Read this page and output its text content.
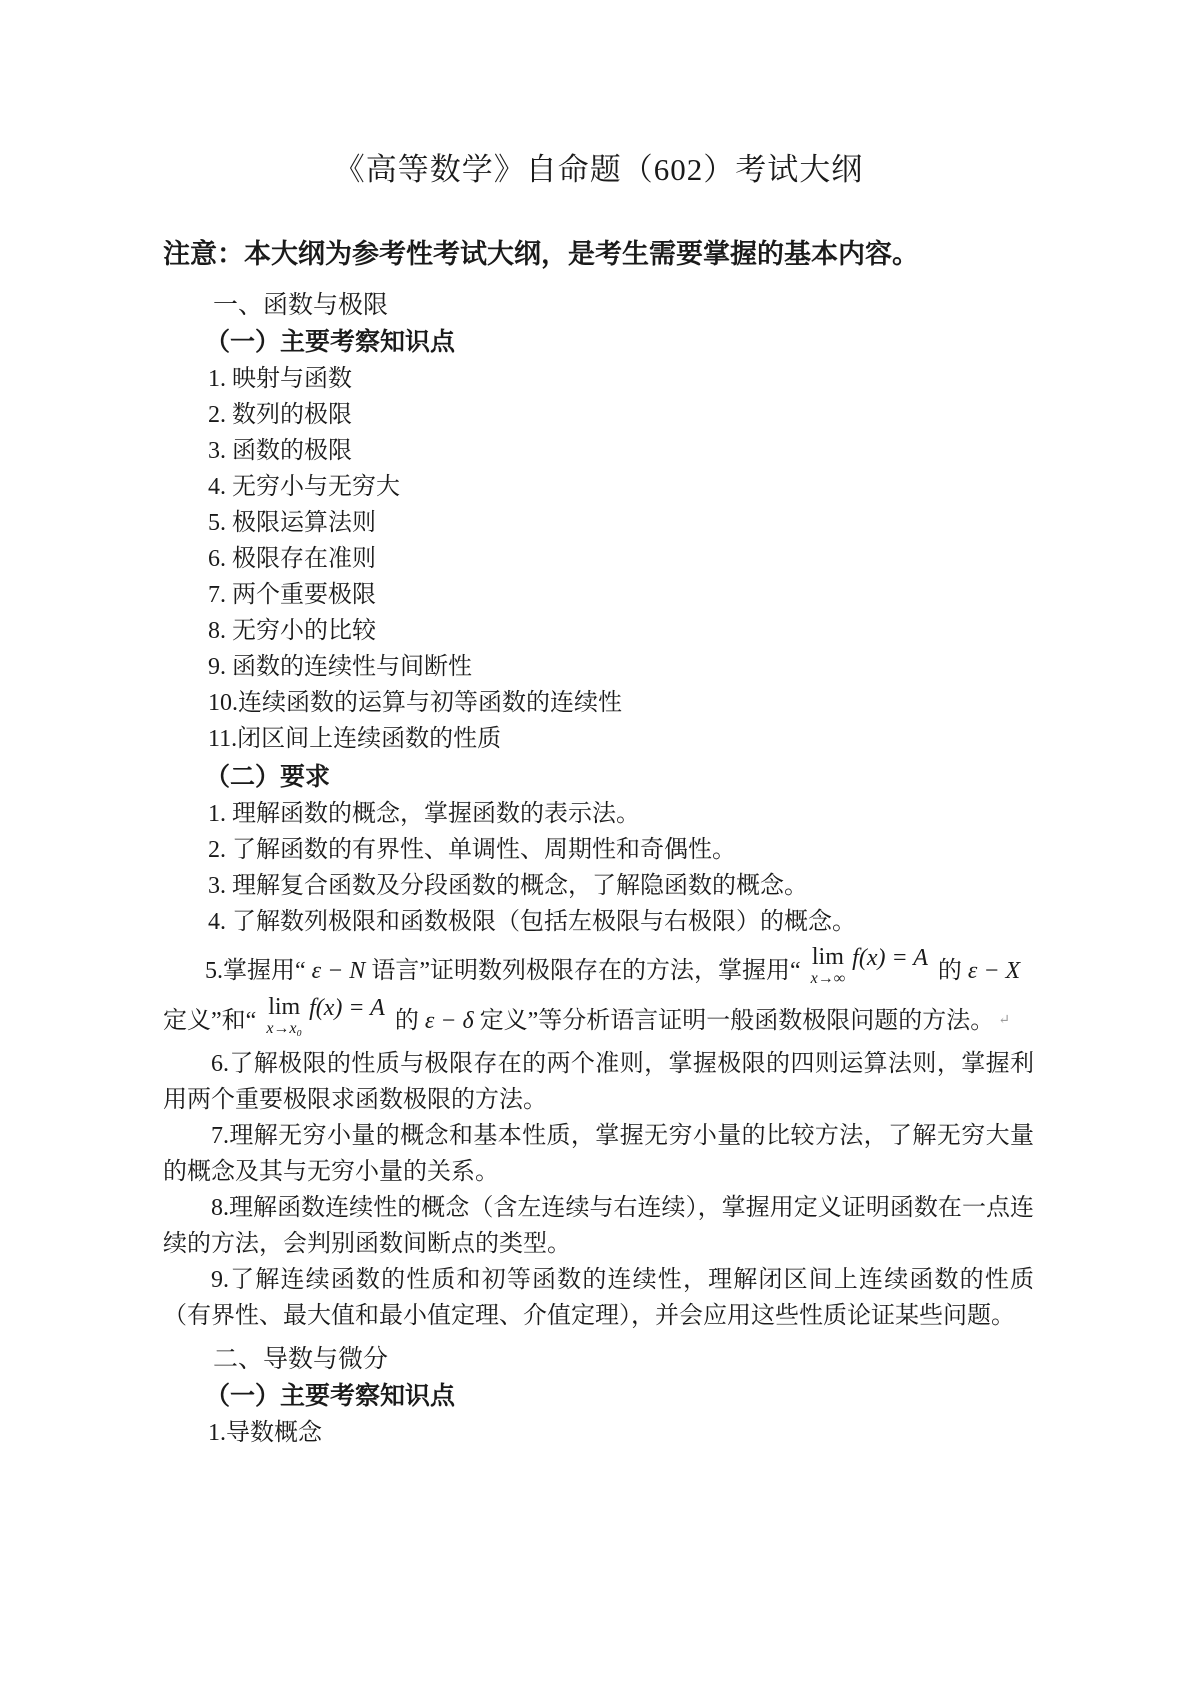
《高等数学》自命题（602）考试大纲
注意：本大纲为参考性考试大纲，是考生需要掌握的基本内容。
一、函数与极限
（一）主要考察知识点
1. 映射与函数
2. 数列的极限
3. 函数的极限
4. 无穷小与无穷大
5. 极限运算法则
6. 极限存在准则
7. 两个重要极限
8. 无穷小的比较
9. 函数的连续性与间断性
10.连续函数的运算与初等函数的连续性
11.闭区间上连续函数的性质
（二）要求
1. 理解函数的概念，掌握函数的表示法。
2. 了解函数的有界性、单调性、周期性和奇偶性。
3. 理解复合函数及分段函数的概念，了解隐函数的概念。
4. 了解数列极限和函数极限（包括左极限与右极限）的概念。
5.掌握用“ ε − N 语言”证明数列极限存在的方法，掌握用“
lim
x→∞
f(x) = A 的 ε − X
定义”和“
lim
x→x₀
f(x) = A 的 ε − δ 定义”等分析语言证明一般函数极限问题的方法。 ↵

6.了解极限的性质与极限存在的两个准则，掌握极限的四则运算法则，掌握利用两个重要极限求函数极限的方法。

7.理解无穷小量的概念和基本性质，掌握无穷小量的比较方法，了解无穷大量的概念及其与无穷小量的关系。

8.理解函数连续性的概念（含左连续与右连续），掌握用定义证明函数在一点连续的方法，会判别函数间断点的类型。

9.了解连续函数的性质和初等函数的连续性，理解闭区间上连续函数的性质（有界性、最大值和最小值定理、介值定理），并会应用这些性质论证某些问题。

二、导数与微分
（一）主要考察知识点
1.导数概念
